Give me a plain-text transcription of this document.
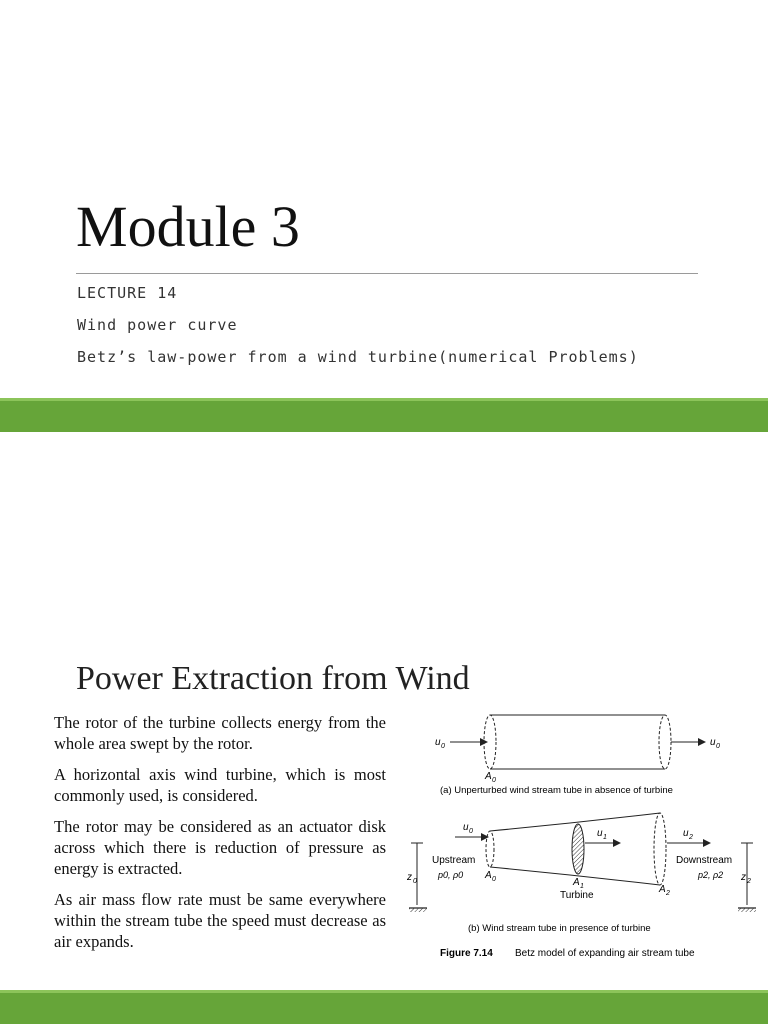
Module 3
LECTURE 14
Wind power curve
Betz’s law-power from a wind turbine(numerical Problems)
Power Extraction from Wind

The rotor of the turbine collects energy from the whole area swept by the rotor.

A horizontal axis wind turbine, which is most commonly used, is considered.

The rotor may be considered as an actuator disk across which there is reduction of pressure as energy is extracted.

As air mass flow rate must be same everywhere within the stream tube the speed must decrease as air expands.

u 0	u 0
A 0
(a) Unperturbed wind stream tube in absence of turbine
u 0	u 1	u 2
Upstream
p0, ρ0 A 0	A 1
Turbine
A 2
Downstream
p2, ρ2
z 0	z 2
(b) Wind stream tube in presence of turbine
Figure 7.14 Betz model of expanding air stream tube
